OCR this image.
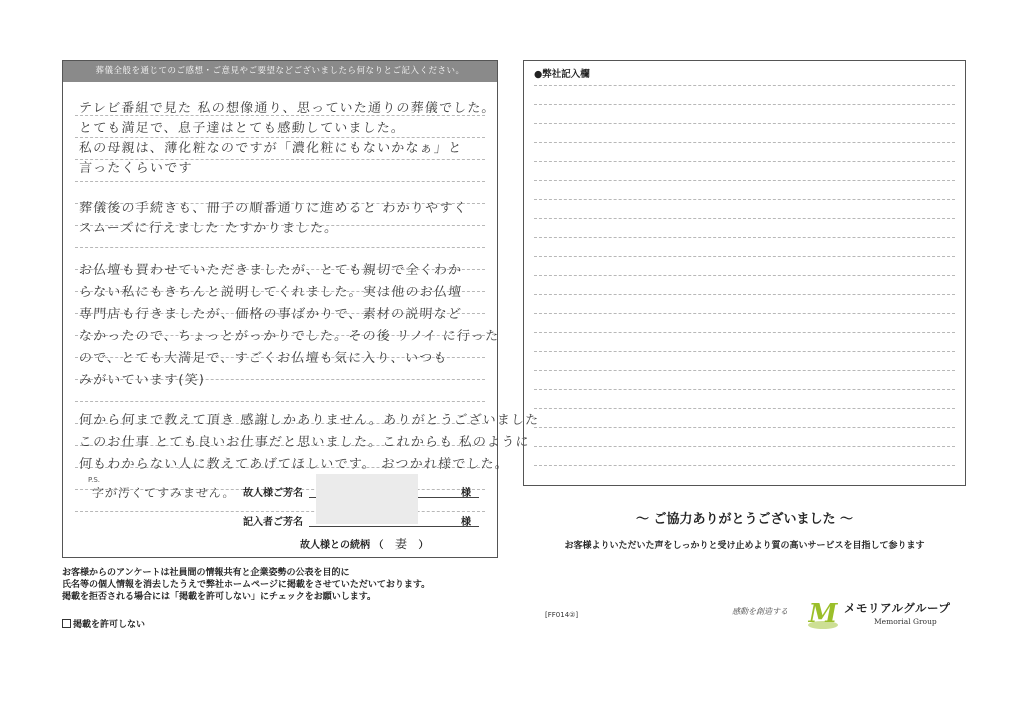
葬儀全般を通じてのご感想・ご意見やご要望などございましたら何なりとご記入ください。
テレビ番組で見た 私の想像通り、思っていた通りの葬儀でした。
とても満足で、息子達はとても感動していました。
私の母親は、薄化粧なのですが「濃化粧にもないかなぁ」と
言ったくらいです
葬儀後の手続きも、冊子の順番通りに進めると わかりやすく
スムーズに行えました たすかりました。
お仏壇も買わせていただきましたが、とても親切で全くわか
らない私にもきちんと説明してくれました。実は他のお仏壇
専門店も行きましたが、価格の事ばかりで、素材の説明など
なかったので、ちょっとがっかりでした。その後 リノイ に行った
ので、とても大満足で、すごくお仏壇も気に入り、いつも
みがいています(笑)
何から何まで教えて頂き 感謝しかありません。ありがとうございました
このお仕事 とても良いお仕事だと思いました。これからも 私のように
何もわからない人に教えてあげてほしいです。 おつかれ様でした。
故人様ご芳名	様
記入者ご芳名	様
P.S.
字が汚くてすみません。
故人様との続柄 （ 妻 ）
●弊社記入欄
〜 ご協力ありがとうございました 〜
お客様よりいただいた声をしっかりと受け止めより質の高いサービスを目指して参ります
お客様からのアンケートは社員間の情報共有と企業姿勢の公表を目的に
氏名等の個人情報を消去したうえで弊社ホームページに掲載をさせていただいております。
掲載を拒否される場合には「掲載を許可しない」にチェックをお願いします。
掲載を許可しない
[FF014②]	感動を創造する M メモリアルグループ
Memorial Group
